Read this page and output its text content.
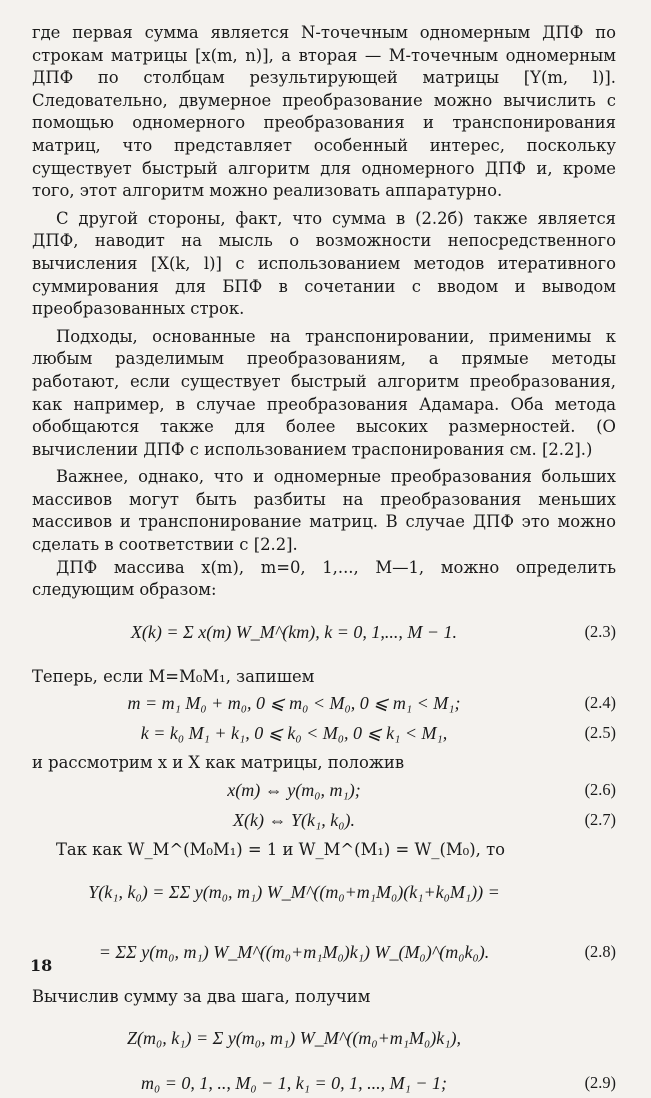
где первая сумма является N-точечным одномерным ДПФ по строкам матрицы [x(m, n)], а вторая — M-точечным одномерным ДПФ по столбцам результирующей матрицы [Y(m, l)]. Следовательно, двумерное преобразование можно вычислить с помощью одномерного преобразования и транспонирования матриц, что представляет особенный интерес, поскольку существует быстрый алгоритм для одномерного ДПФ и, кроме того, этот алгоритм можно реализовать аппаратурно.

С другой стороны, факт, что сумма в (2.2б) также является ДПФ, наводит на мысль о возможности непосредственного вычисления [X(k, l)] с использованием методов итеративного суммирования для БПФ в сочетании с вводом и выводом преобразованных строк.

Подходы, основанные на транспонировании, применимы к любым разделимым преобразованиям, а прямые методы работают, если существует быстрый алгоритм преобразования, как например, в случае преобразования Адамара. Оба метода обобщаются также для более высоких размерностей. (О вычислении ДПФ с использованием траспонирования см. [2.2].)

Важнее, однако, что и одномерные преобразования больших массивов могут быть разбиты на преобразования меньших массивов и транспонирование матриц. В случае ДПФ это можно сделать в соответствии с [2.2].

ДПФ массива x(m), m=0, 1,..., M—1, можно определить следующим образом:

X(k) = Σ x(m) W_M^(km), k = 0, 1,..., M − 1.	(2.3)

Теперь, если M=M₀M₁, запишем

m = m₁ M₀ + m₀, 0 ⩽ m₀ < M₀, 0 ⩽ m₁ < M₁;	(2.4)
k = k₀ M₁ + k₁, 0 ⩽ k₀ < M₀, 0 ⩽ k₁ < M₁,	(2.5)

и рассмотрим x и X как матрицы, положив

x(m) ⇔ y(m₀, m₁);	(2.6)
X(k) ⇔ Y(k₁, k₀).	(2.7)

Так как W_M^(M₀M₁) = 1 и W_M^(M₁) = W_(M₀), то

Y(k₁, k₀) = ΣΣ y(m₀, m₁) W_M^((m₀+m₁M₀)(k₁+k₀M₁)) =
= ΣΣ y(m₀, m₁) W_M^((m₀+m₁M₀)k₁) W_(M₀)^(m₀k₀).	(2.8)

Вычислив сумму за два шага, получим

Z(m₀, k₁) = Σ y(m₀, m₁) W_M^((m₀+m₁M₀)k₁),
m₀ = 0, 1, .., M₀ − 1, k₁ = 0, 1, ..., M₁ − 1;	(2.9)
18
